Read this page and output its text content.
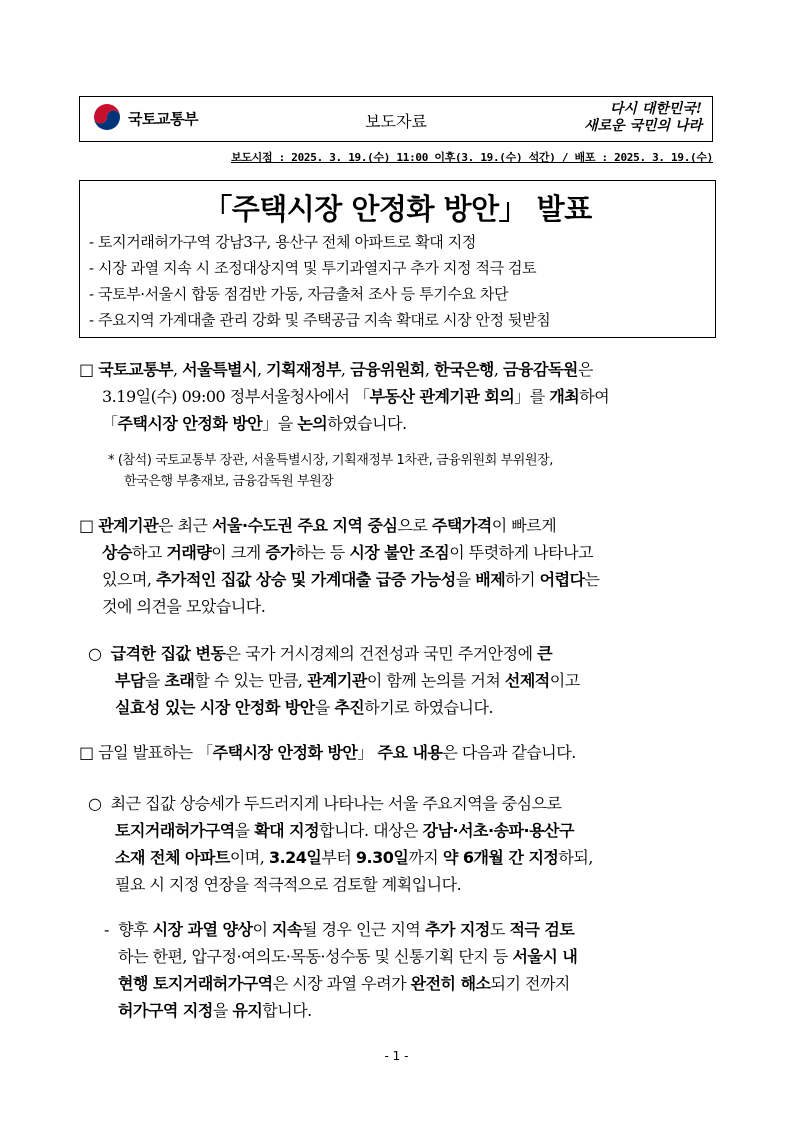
국토교통부	보도자료
다시 대한민국!
새로운 국민의 나라
보도시점 : 2025. 3. 19.(수) 11:00 이후(3. 19.(수) 석간) / 배포 : 2025. 3. 19.(수)
「주택시장 안정화 방안」 발표
- 토지거래허가구역 강남3구, 용산구 전체 아파트로 확대 지정
- 시장 과열 지속 시 조정대상지역 및 투기과열지구 추가 지정 적극 검토
- 국토부·서울시 합동 점검반 가동, 자금출처 조사 등 투기수요 차단
- 주요지역 가계대출 관리 강화 및 주택공급 지속 확대로 시장 안정 뒷받침
□ 국토교통부, 서울특별시, 기획재정부, 금융위원회, 한국은행, 금융감독원은
3.19일(수) 09:00 정부서울청사에서 「부동산 관계기관 회의」를 개최하여
「주택시장 안정화 방안」을 논의하였습니다.
* (참석) 국토교통부 장관, 서울특별시장, 기획재정부 1차관, 금융위원회 부위원장,
한국은행 부총재보, 금융감독원 부원장
□ 관계기관은 최근 서울·수도권 주요 지역 중심으로 주택가격이 빠르게
상승하고 거래량이 크게 증가하는 등 시장 불안 조짐이 뚜렷하게 나타나고
있으며, 추가적인 집값 상승 및 가계대출 급증 가능성을 배제하기 어렵다는
것에 의견을 모았습니다.
○ 급격한 집값 변동은 국가 거시경제의 건전성과 국민 주거안정에 큰
부담을 초래할 수 있는 만큼, 관계기관이 함께 논의를 거쳐 선제적이고
실효성 있는 시장 안정화 방안을 추진하기로 하였습니다.
□ 금일 발표하는 「주택시장 안정화 방안」 주요 내용은 다음과 같습니다.
○ 최근 집값 상승세가 두드러지게 나타나는 서울 주요지역을 중심으로
토지거래허가구역을 확대 지정합니다. 대상은 강남·서초·송파·용산구
소재 전체 아파트이며, 3.24일부터 9.30일까지 약 6개월 간 지정하되,
필요 시 지정 연장을 적극적으로 검토할 계획입니다.
- 향후 시장 과열 양상이 지속될 경우 인근 지역 추가 지정도 적극 검토
하는 한편, 압구정·여의도·목동·성수동 및 신통기획 단지 등 서울시 내
현행 토지거래허가구역은 시장 과열 우려가 완전히 해소되기 전까지
허가구역 지정을 유지합니다.
- 1 -
